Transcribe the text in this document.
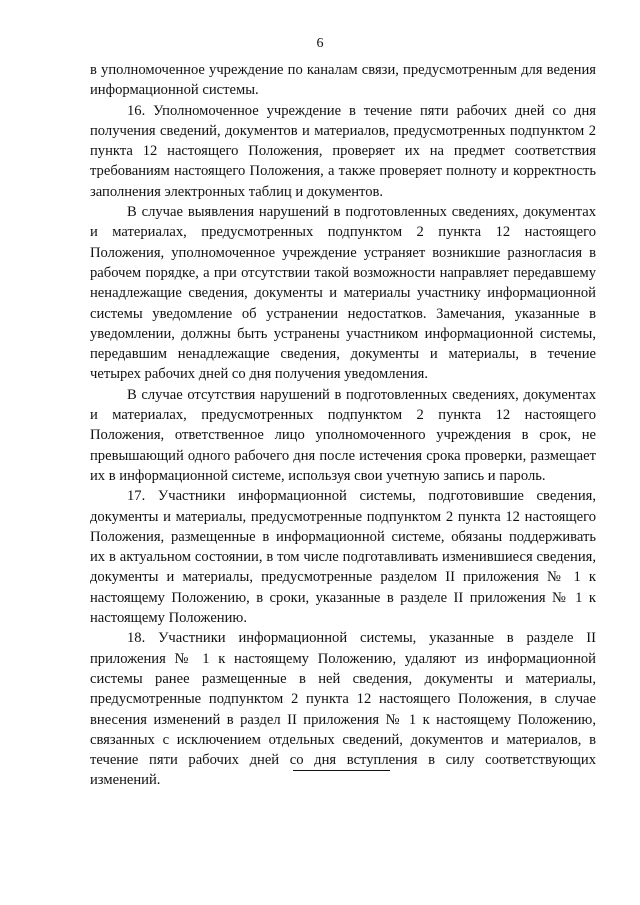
6

в уполномоченное учреждение по каналам связи, предусмотренным для ведения информационной системы.

16. Уполномоченное учреждение в течение пяти рабочих дней со дня получения сведений, документов и материалов, предусмотренных подпунктом 2 пункта 12 настоящего Положения, проверяет их на предмет соответствия требованиям настоящего Положения, а также проверяет полноту и корректность заполнения электронных таблиц и документов.

В случае выявления нарушений в подготовленных сведениях, документах и материалах, предусмотренных подпунктом 2 пункта 12 настоящего Положения, уполномоченное учреждение устраняет возникшие разногласия в рабочем порядке, а при отсутствии такой возможности направляет передавшему ненадлежащие сведения, документы и материалы участнику информационной системы уведомление об устранении недостатков. Замечания, указанные в уведомлении, должны быть устранены участником информационной системы, передавшим ненадлежащие сведения, документы и материалы, в течение четырех рабочих дней со дня получения уведомления.

В случае отсутствия нарушений в подготовленных сведениях, документах и материалах, предусмотренных подпунктом 2 пункта 12 настоящего Положения, ответственное лицо уполномоченного учреждения в срок, не превышающий одного рабочего дня после истечения срока проверки, размещает их в информационной системе, используя свои учетную запись и пароль.

17. Участники информационной системы, подготовившие сведения, документы и материалы, предусмотренные подпунктом 2 пункта 12 настоящего Положения, размещенные в информационной системе, обязаны поддерживать их в актуальном состоянии, в том числе подготавливать изменившиеся сведения, документы и материалы, предусмотренные разделом II приложения № 1 к настоящему Положению, в сроки, указанные в разделе II приложения № 1 к настоящему Положению.

18. Участники информационной системы, указанные в разделе II приложения № 1 к настоящему Положению, удаляют из информационной системы ранее размещенные в ней сведения, документы и материалы, предусмотренные подпунктом 2 пункта 12 настоящего Положения, в случае внесения изменений в раздел II приложения № 1 к настоящему Положению, связанных с исключением отдельных сведений, документов и материалов, в течение пяти рабочих дней со дня вступления в силу соответствующих изменений.
